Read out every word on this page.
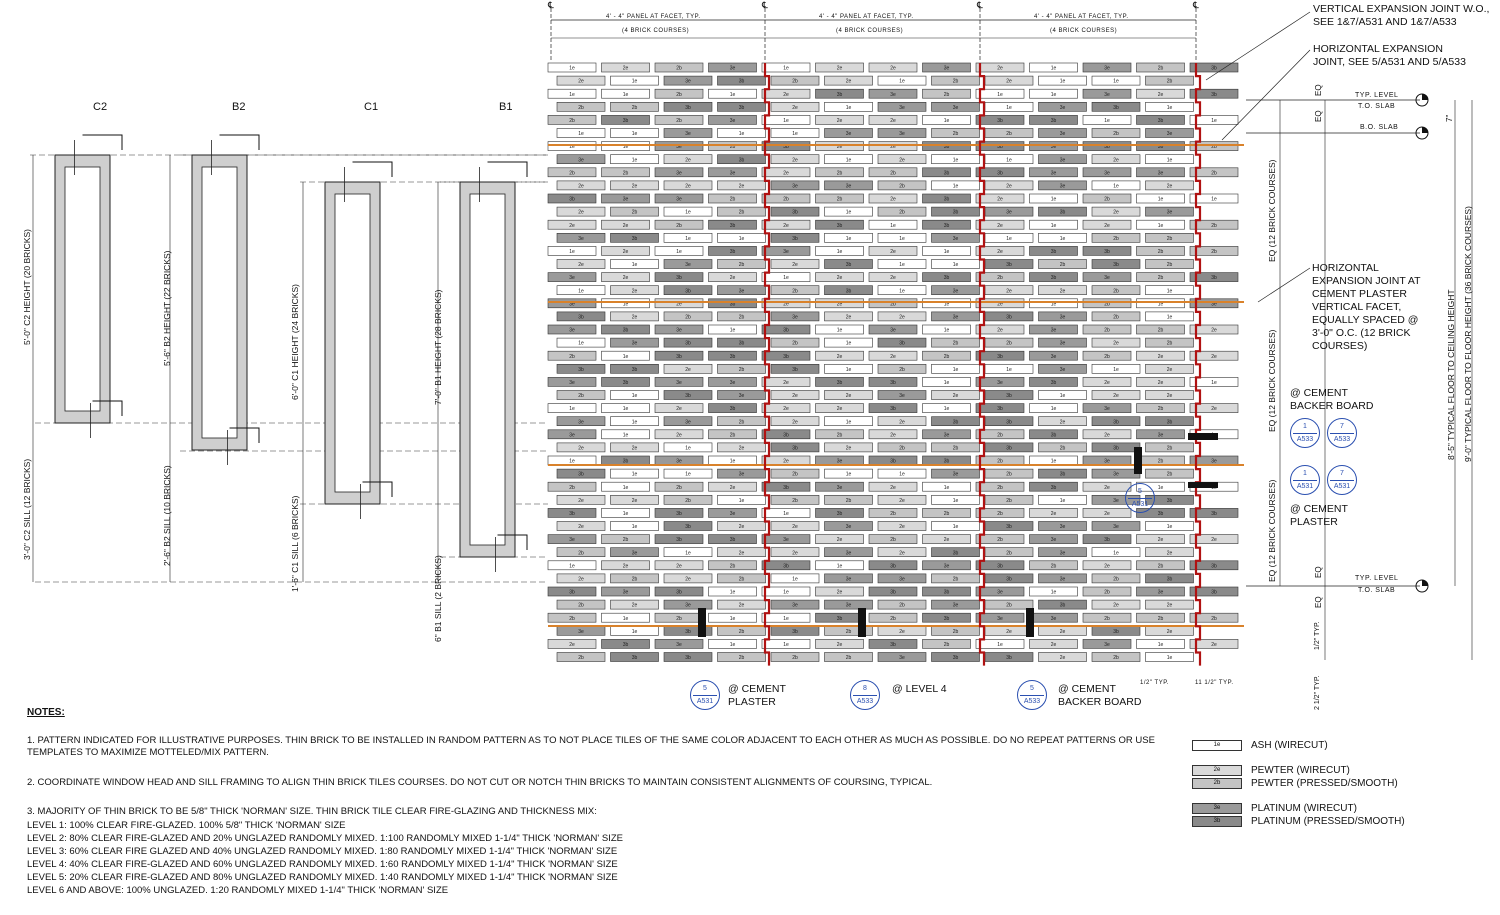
1e	2e	2b	3e	1e	2e	2e	3e	2e	1e	3e	2b	3b
2e	1e	3e	3b	2b	2e	1e	2b	2e	1e	1e	2b
1e	1e	2b	1e	2e	3b	3e	2b	1e	1e	3e	2e	3b
2b	2b	3b	3b	2e	1e	3e	3e	1e	3e	3b	1e
2b	3b	2b	3e	1e	2e	2e	1e	3b	3b	1e	3b	1e
1e	1e	3e	1e	1e	3e	3e	2b	2b	3e	2b	3e
1e	1e	3e	2b	3b	2e	2e	3b	3b	3e	3b	3b	2b
3e	1e	2e	3b	2e	1e	2e	1e	1e	3e	2e	1e
2b	2b	3e	3e	2e	2b	2b	3b	3b	3e	3e	3e	2b
2e	2e	2e	2e	3e	3e	2b	1e	2e	3e	1e	2e
3b	3e	3e	2b	2b	2b	2e	3b	2e	1e	2b	1e	1e
2e	2b	1e	2b	3b	1e	2b	3b	3e	3b	2e	3e
2e	2e	2b	3b	2e	3b	1e	3b	2e	1e	2e	1e	2b
3e	3b	1e	1e	3b	1e	1e	3e	1e	1e	2b	2b
1e	2e	1e	3b	3e	1e	2e	1e	2e	3b	3b	2b	2b
2e	1e	3e	2b	2e	3b	1e	1e	3b	2b	3b	2b
3e	2e	3b	2e	1e	2e	2e	3b	2b	3b	3e	2b	3b
1e	2e	3b	3e	2b	3b	1e	3e	2e	2e	2b	1e
3e	1e	2e	3b	2e	2e	2b	1e	2e	1e	2b	1e	3e
3b	2e	2b	2b	3e	2e	2e	3e	3b	3e	2b	1e
3e	3b	3e	1e	3b	1e	3e	1e	2e	3e	2b	2b	2e
1e	3e	3b	3b	2b	1e	3b	2b	2b	3e	2e	2b
2b	1e	3b	3b	3b	2e	2e	2b	3b	3e	2b	2e	2e
3b	3b	2e	2b	3b	1e	2b	1e	1e	3e	1e	2e
3e	3b	3e	3e	2e	3b	3b	1e	3e	3b	2e	2e	1e
2b	1e	3b	3e	2e	2e	3e	2e	3b	1e	2e	2e
1e	1e	2e	3b	2e	2e	3b	1e	3b	1e	3e	2b	2e
3e	1e	3e	2b	2e	1e	2e	3b	3b	2e	3b	3b
3e	1e	2e	2b	3b	2b	2e	3e	2b	3b	2e	3e
2e	2e	1e	2e	3b	2e	2b	2b	3b	2b	3b	2b
1e	3b	3e	1e	2e	3e	3b	3b	2b	1e	3e	2b	3e
3b	1e	1e	3e	2b	1e	1e	3e	2b	3b	3e	2b
2b	1e	2b	2e	3b	3e	2e	1e	2b	3b	2e	1e
2e	2e	2b	1e	2b	2b	2e	1e	2b	1e	3e	3b
3b	1e	3b	3e	1e	3b	2b	2b	2b	2e	2e	3b	3b
2e	1e	3b	2e	2e	3e	2e	1e	3b	3e	3e	1e
3e	2b	3b	3b	3e	2e	2b	2e	2b	3e	3b	2e	2e
2b	3e	1e	2e	2e	3e	2e	3b	2b	3e	1e	2e
1e	2e	2e	2b	3b	1e	3b	3e	3b	2b	2e	2b	3b
2e	2b	2e	2b	1e	3e	3e	2b	3b	3e	2b	3b
3b	3e	3b	1e	1e	2e	3b	3b	3e	1e	2b	3e	3b
2b	2e	3e	2e	3e	3e	2b	3e	2b	3b	2e	2e
2b	1e	2b	1e	1e	3b	2b	3b	3e	3e	2b	2b	2b
3e	1e	3b	2b	3b	2b	2e	2b	2e	2e	3b	2e
2e	3b	3e	1e	1e	2e	3b	2b	1e	2e	3e	1e	2e
2b	3b	3b	2b	2b	2b	3e	3b	3b	2e	2b	1e
℄	℄	℄	℄
4' - 4" PANEL AT FACET, TYP.
(4 BRICK COURSES)
4' - 4" PANEL AT FACET, TYP.
(4 BRICK COURSES)
4' - 4" PANEL AT FACET, TYP.
(4 BRICK COURSES)
C2	B2	C1	B1
5'-0" C2 HEIGHT (20 BRICKS)
3'-0" C2 SILL (12 BRICKS)
5'-6" B2 HEIGHT (22 BRICKS)
2'-6" B2 SILL (10 BRICKS)
6'-0" C1 HEIGHT (24 BRICKS)
1'-6" C1 SILL (6 BRICKS)
7'-0" B1 HEIGHT (28 BRICKS)
6" B1 SILL (2 BRICKS)
VERTICAL EXPANSION JOINT W.O., SEE 1&7/A531 AND 1&7/A533
HORIZONTAL EXPANSION JOINT, SEE 5/A531 AND 5/A533
HORIZONTAL EXPANSION JOINT AT CEMENT PLASTER VERTICAL FACET, EQUALLY SPACED @ 3'-0" O.C. (12 BRICK COURSES)
@ CEMENT BACKER BOARD
@ CEMENT PLASTER
TYP. LEVEL
T.O. SLAB
B.O. SLAB
TYP. LEVEL
T.O. SLAB
7"
EQ
EQ
EQ
EQ
EQ (12 BRICK COURSES)
EQ (12 BRICK COURSES)
EQ (12 BRICK COURSES)
8'-5" TYPICAL FLOOR TO CEILING HEIGHT 9'-0" TYPICAL FLOOR TO FLOOR HEIGHT (36 BRICK COURSES)
1/2" TYP.
2 1/2" TYP.
1/2" TYP.	11 1/2" TYP.
1
A533
7
A533
1
A531
7
A531
5
A531
5
A531
@ CEMENT PLASTER
8
A533
@ LEVEL 4	5
A533
@ CEMENT BACKER BOARD
NOTES:
1. PATTERN INDICATED FOR ILLUSTRATIVE PURPOSES. THIN BRICK TO BE INSTALLED IN RANDOM PATTERN AS TO NOT PLACE TILES OF THE SAME COLOR ADJACENT TO EACH OTHER AS MUCH AS POSSIBLE. DO NO REPEAT PATTERNS OR USE TEMPLATES TO MAXIMIZE MOTTELED/MIX PATTERN.
2. COORDINATE WINDOW HEAD AND SILL FRAMING TO ALIGN THIN BRICK TILES COURSES. DO NOT CUT OR NOTCH THIN BRICKS TO MAINTAIN CONSISTENT ALIGNMENTS OF COURSING, TYPICAL.
3. MAJORITY OF THIN BRICK TO BE 5/8" THICK 'NORMAN' SIZE. THIN BRICK TILE CLEAR FIRE-GLAZING AND THICKNESS MIX:
LEVEL 1: 100% CLEAR FIRE-GLAZED. 100% 5/8" THICK 'NORMAN' SIZE
LEVEL 2: 80% CLEAR FIRE-GLAZED AND 20% UNGLAZED RANDOMLY MIXED. 1:100 RANDOMLY MIXED 1-1/4" THICK 'NORMAN' SIZE
LEVEL 3: 60% CLEAR FIRE GLAZED AND 40% UNGLAZED RANDOMLY MIXED. 1:80 RANDOMLY MIXED 1-1/4" THICK 'NORMAN' SIZE
LEVEL 4: 40% CLEAR FIRE-GLAZED AND 60% UNGLAZED RANDOMLY MIXED. 1:60 RANDOMLY MIXED 1-1/4" THICK 'NORMAN' SIZE
LEVEL 5: 20% CLEAR FIRE-GLAZED AND 80% UNGLAZED RANDOMLY MIXED. 1:40 RANDOMLY MIXED 1-1/4" THICK 'NORMAN' SIZE
LEVEL 6 AND ABOVE: 100% UNGLAZED. 1:20 RANDOMLY MIXED 1-1/4" THICK 'NORMAN' SIZE
1e	ASH (WIRECUT)
2e	PEWTER (WIRECUT)
2b	PEWTER (PRESSED/SMOOTH)
3e	PLATINUM (WIRECUT)
3b	PLATINUM (PRESSED/SMOOTH)
